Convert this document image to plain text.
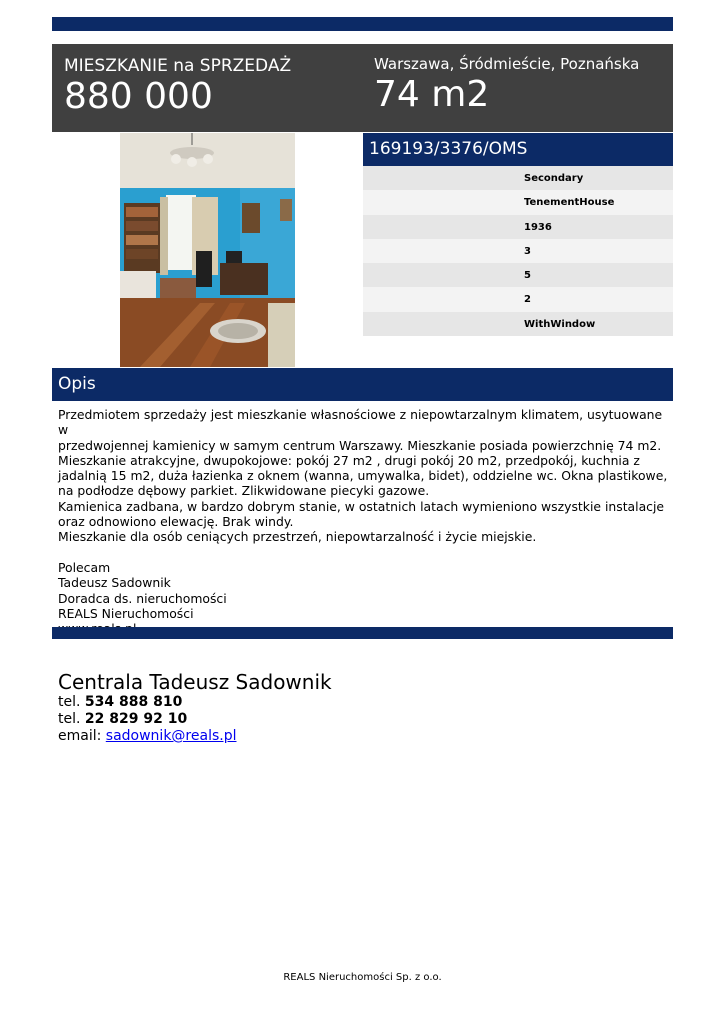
MIESZKANIE na SPRZEDAŻ
880 000
Warszawa, Śródmieście, Poznańska
74 m2
169193/3376/OMS
Secondary
TenementHouse
1936
3
5
2
WithWindow
Opis

Przedmiotem sprzedaży jest mieszkanie własnościowe z niepowtarzalnym klimatem, usytuowane w

przedwojennej kamienicy w samym centrum Warszawy. Mieszkanie posiada powierzchnię 74 m2.

Mieszkanie atrakcyjne, dwupokojowe: pokój 27 m2 , drugi pokój 20 m2, przedpokój, kuchnia z

jadalnią 15 m2, duża łazienka z oknem (wanna, umywalka, bidet), oddzielne wc. Okna plastikowe,

na podłodze dębowy parkiet. Zlikwidowane piecyki gazowe.

Kamienica zadbana, w bardzo dobrym stanie, w ostatnich latach wymieniono wszystkie instalacje

oraz odnowiono elewację. Brak windy.

Mieszkanie dla osób ceniących przestrzeń, niepowtarzalność i życie miejskie.

Polecam

Tadeusz Sadownik

Doradca ds. nieruchomości

REALS Nieruchomości

Centrala Tadeusz Sadownik
tel. 534 888 810
tel. 22 829 92 10
email: sadownik@reals.pl
REALS Nieruchomości Sp. z o.o.
